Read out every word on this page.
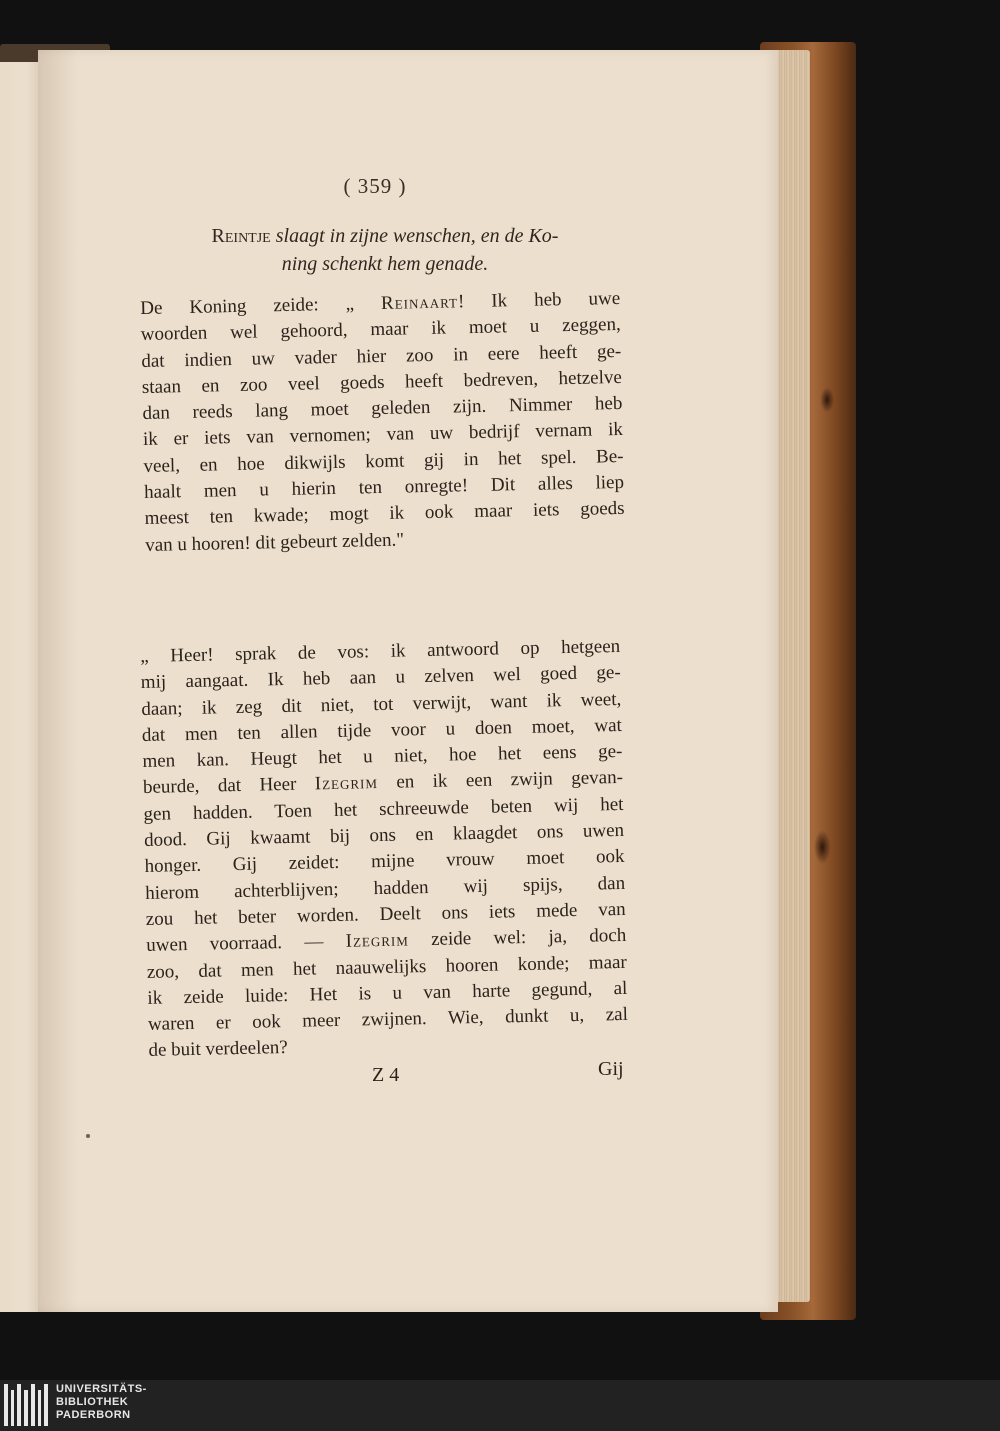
( 359 )
Reintje slaagt in zijne wenschen, en de Ko-
ning schenkt hem genade.
De Koning zeide: „ Reinaart! Ik heb uwe
woorden wel gehoord, maar ik moet u zeggen,
dat indien uw vader hier zoo in eere heeft ge-
staan en zoo veel goeds heeft bedreven, hetzelve
dan reeds lang moet geleden zijn. Nimmer heb
ik er iets van vernomen; van uw bedrijf vernam ik
veel, en hoe dikwijls komt gij in het spel. Be-
haalt men u hierin ten onregte! Dit alles liep
meest ten kwade; mogt ik ook maar iets goeds
van u hooren! dit gebeurt zelden."
„ Heer! sprak de vos: ik antwoord op hetgeen
mij aangaat. Ik heb aan u zelven wel goed ge-
daan; ik zeg dit niet, tot verwijt, want ik weet,
dat men ten allen tijde voor u doen moet, wat
men kan. Heugt het u niet, hoe het eens ge-
beurde, dat Heer Izegrim en ik een zwijn gevan-
gen hadden. Toen het schreeuwde beten wij het
dood. Gij kwaamt bij ons en klaagdet ons uwen
honger. Gij zeidet: mijne vrouw moet ook
hierom achterblijven; hadden wij spijs, dan
zou het beter worden. Deelt ons iets mede van
uwen voorraad. — Izegrim zeide wel: ja, doch
zoo, dat men het naauwelijks hooren konde; maar
ik zeide luide: Het is u van harte gegund, al
waren er ook meer zwijnen. Wie, dunkt u, zal
de buit verdeelen?
Z 4	Gij
UNIVERSITÄTS-
BIBLIOTHEK
PADERBORN
